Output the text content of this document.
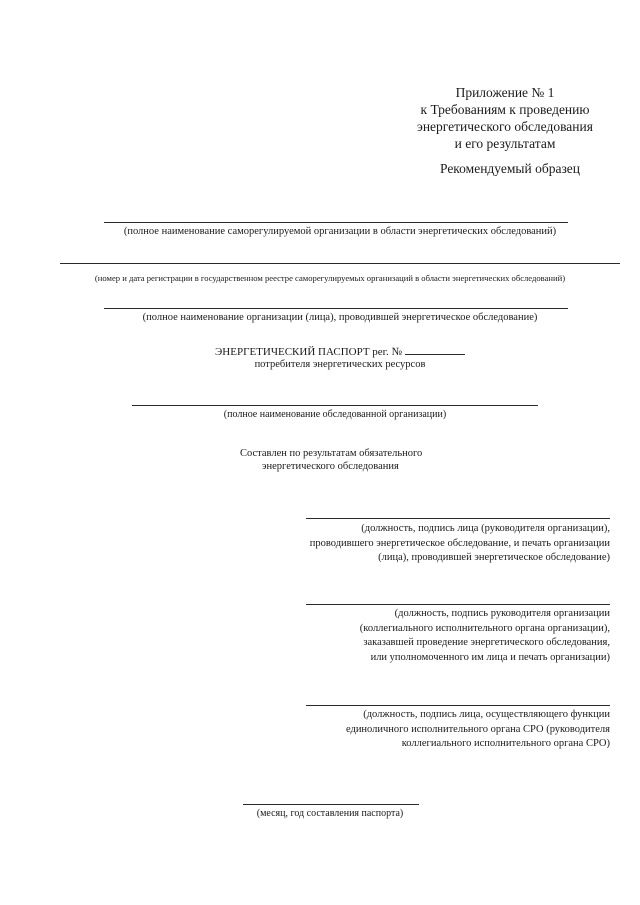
Приложение № 1
к Требованиям к проведению
энергетического обследования
и его результатам
Рекомендуемый образец
(полное наименование саморегулируемой организации в области энергетических обследований)
(номер и дата регистрации в государственном реестре саморегулируемых организаций в области энергетических обследований)
(полное наименование организации (лица), проводившей энергетическое обследование)
ЭНЕРГЕТИЧЕСКИЙ ПАСПОРТ рег. №
потребителя энергетических ресурсов
(полное наименование обследованной организации)
Составлен по результатам обязательного
энергетического обследования
(должность, подпись лица (руководителя организации),
проводившего энергетическое обследование, и печать организации
(лица), проводившей энергетическое обследование)
(должность, подпись руководителя организации
(коллегиального исполнительного органа организации),
заказавшей проведение энергетического обследования,
или уполномоченного им лица и печать организации)
(должность, подпись лица, осуществляющего функции
единоличного исполнительного органа СРО (руководителя
коллегиального исполнительного органа СРО)
(месяц, год составления паспорта)
